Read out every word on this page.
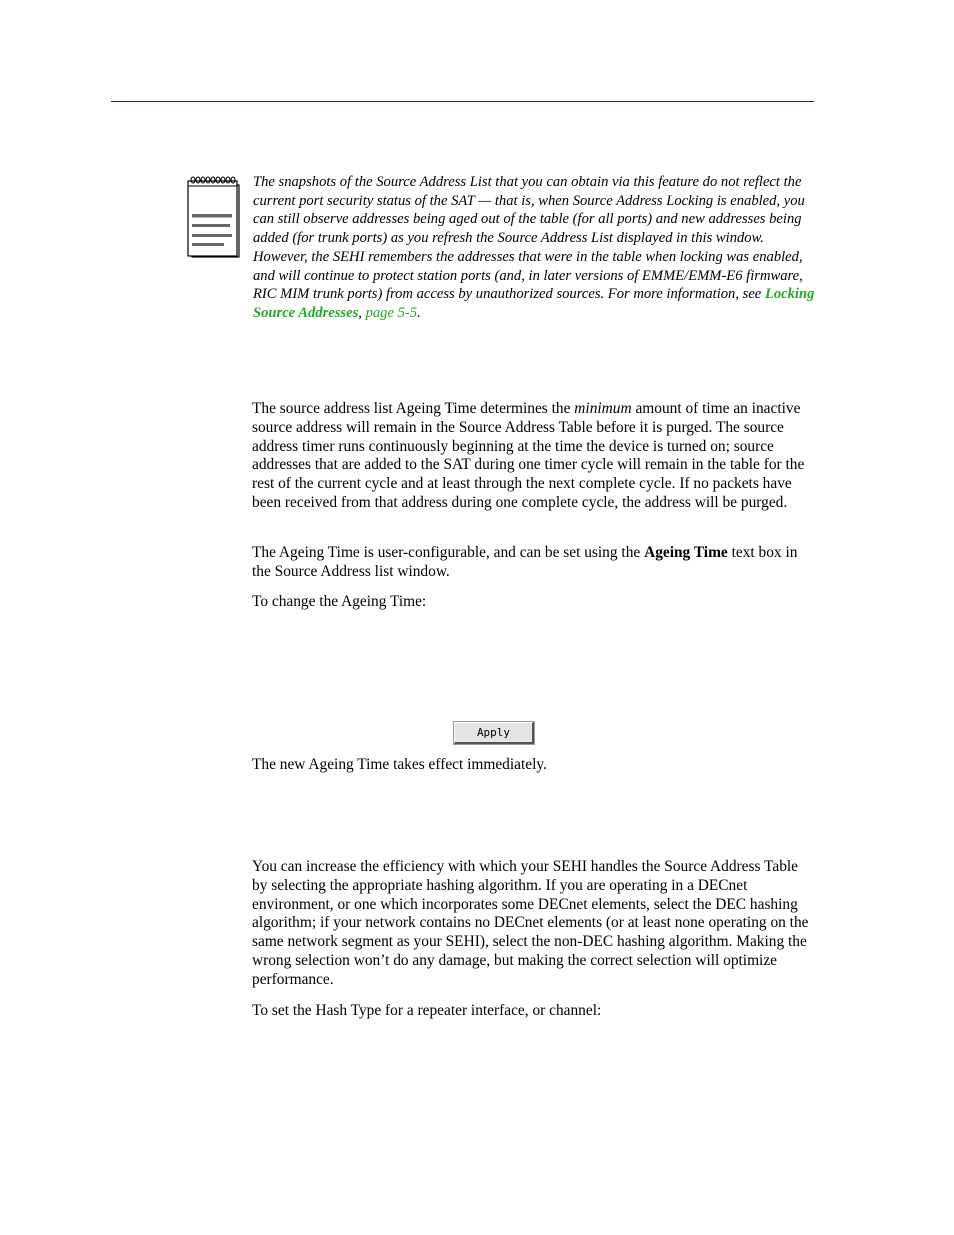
The snapshots of the Source Address List that you can obtain via this feature do not reflect the current port security status of the SAT — that is, when Source Address Locking is enabled, you can still observe addresses being aged out of the table (for all ports) and new addresses being added (for trunk ports) as you refresh the Source Address List displayed in this window. However, the SEHI remembers the addresses that were in the table when locking was enabled, and will continue to protect station ports (and, in later versions of EMME/EMM-E6 firmware, RIC MIM trunk ports) from access by unauthorized sources. For more information, see Locking Source Addresses, page 5-5.

The source address list Ageing Time determines the minimum amount of time an inactive source address will remain in the Source Address Table before it is purged. The source address timer runs continuously beginning at the time the device is turned on; source addresses that are added to the SAT during one timer cycle will remain in the table for the rest of the current cycle and at least through the next complete cycle. If no packets have been received from that address during one complete cycle, the address will be purged.

The Ageing Time is user-configurable, and can be set using the Ageing Time text box in the Source Address list window.

To change the Ageing Time:

Apply

The new Ageing Time takes effect immediately.

You can increase the efficiency with which your SEHI handles the Source Address Table by selecting the appropriate hashing algorithm. If you are operating in a DECnet environment, or one which incorporates some DECnet elements, select the DEC hashing algorithm; if your network contains no DECnet elements (or at least none operating on the same network segment as your SEHI), select the non-DEC hashing algorithm. Making the wrong selection won’t do any damage, but making the correct selection will optimize performance.

To set the Hash Type for a repeater interface, or channel:
